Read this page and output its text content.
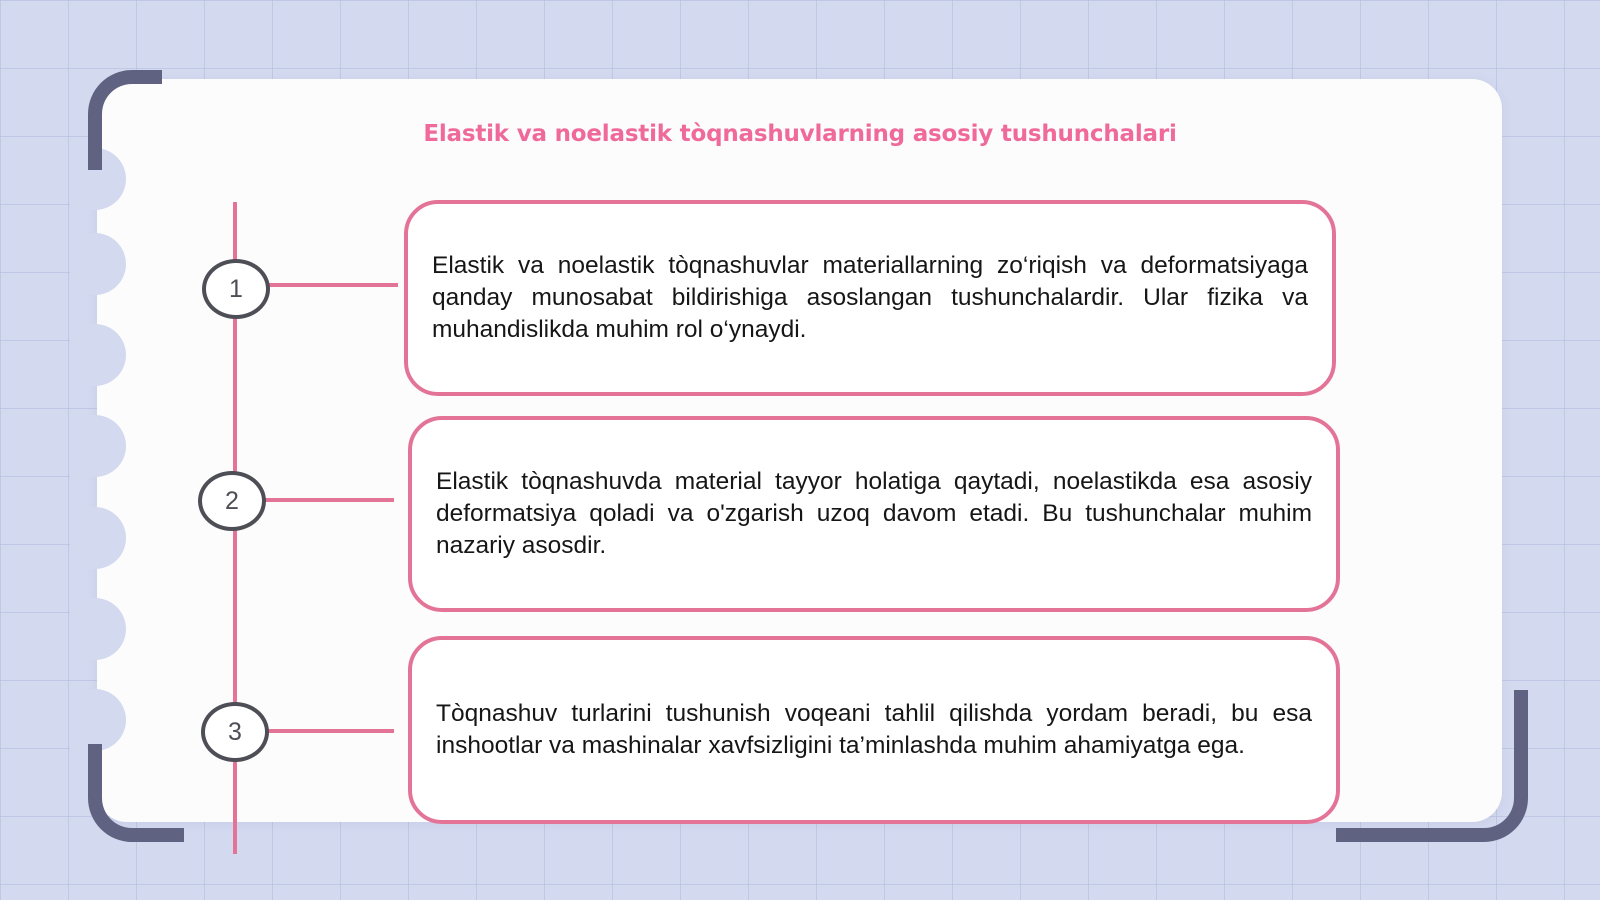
Elastik va noelastik tòqnashuvlarning asosiy tushunchalari
1
2
3

Elastik va noelastik tòqnashuvlar materiallarning zo‘riqish va deformatsiyaga qanday munosabat bildirishiga asoslangan tushunchalardir. Ular fizika va muhandislikda muhim rol o‘ynaydi.

Elastik tòqnashuvda material tayyor holatiga qaytadi, noelastikda esa asosiy deformatsiya qoladi va o'zgarish uzoq davom etadi. Bu tushunchalar muhim nazariy asosdir.

Tòqnashuv turlarini tushunish voqeani tahlil qilishda yordam beradi, bu esa inshootlar va mashinalar xavfsizligini ta’minlashda muhim ahamiyatga ega.
